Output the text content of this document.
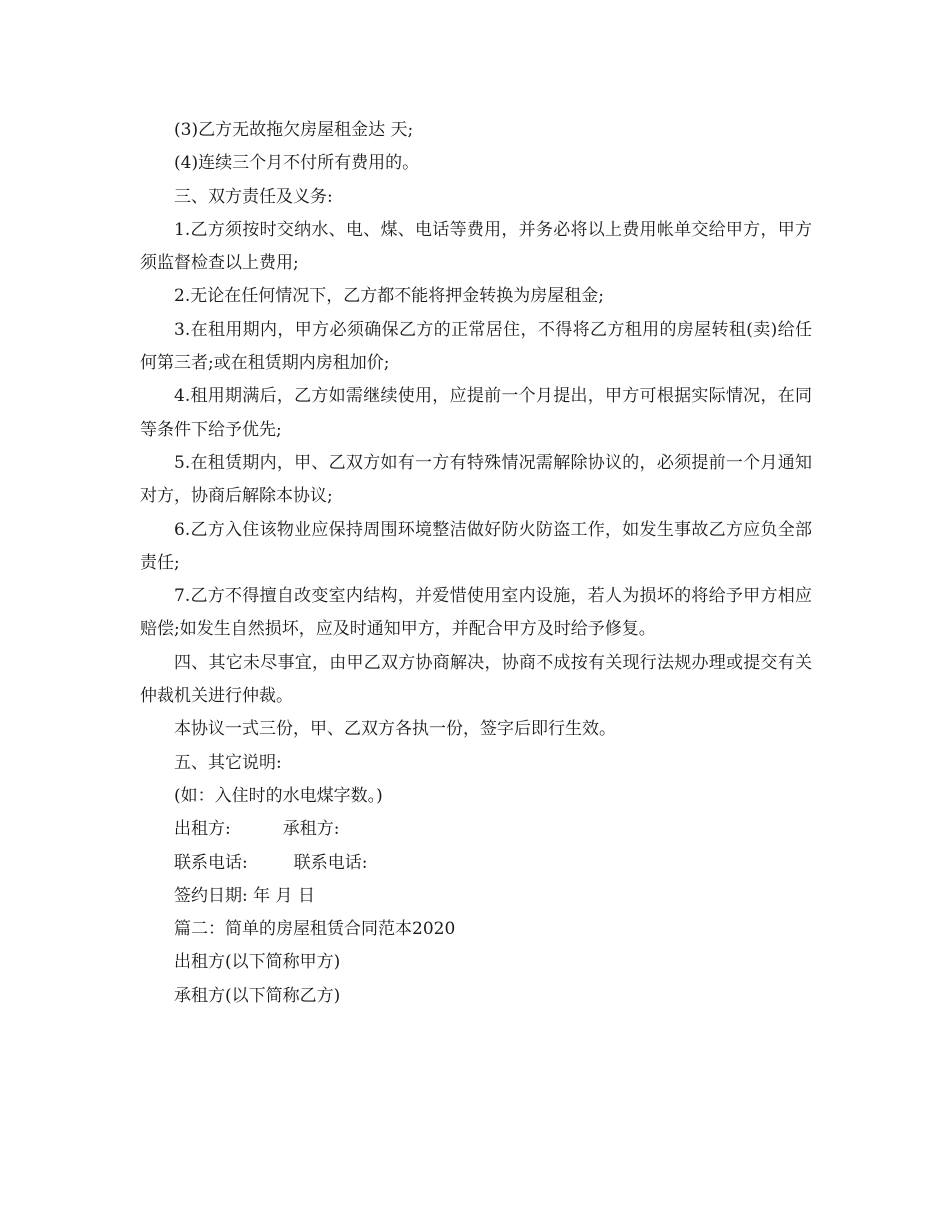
(3)乙方无故拖欠房屋租金达 天;

(4)连续三个月不付所有费用的。

三、双方责任及义务:

1.乙方须按时交纳水、电、煤、电话等费用，并务必将以上费用帐单交给甲方，甲方须监督检查以上费用;

2.无论在任何情况下，乙方都不能将押金转换为房屋租金;

3.在租用期内，甲方必须确保乙方的正常居住，不得将乙方租用的房屋转租(卖)给任何第三者;或在租赁期内房租加价;

4.租用期满后，乙方如需继续使用，应提前一个月提出，甲方可根据实际情况，在同等条件下给予优先;

5.在租赁期内，甲、乙双方如有一方有特殊情况需解除协议的，必须提前一个月通知对方，协商后解除本协议;

6.乙方入住该物业应保持周围环境整洁做好防火防盗工作，如发生事故乙方应负全部责任;

7.乙方不得擅自改变室内结构，并爱惜使用室内设施，若人为损坏的将给予甲方相应赔偿;如发生自然损坏，应及时通知甲方，并配合甲方及时给予修复。

四、其它未尽事宜，由甲乙双方协商解决，协商不成按有关现行法规办理或提交有关仲裁机关进行仲裁。

本协议一式三份，甲、乙双方各执一份，签字后即行生效。

五、其它说明:

(如：入住时的水电煤字数。)

出租方:	承租方:
联系电话:	联系电话:
签约日期: 年 月 日

篇二：简单的房屋租赁合同范本2020

出租方(以下简称甲方)

承租方(以下简称乙方)
